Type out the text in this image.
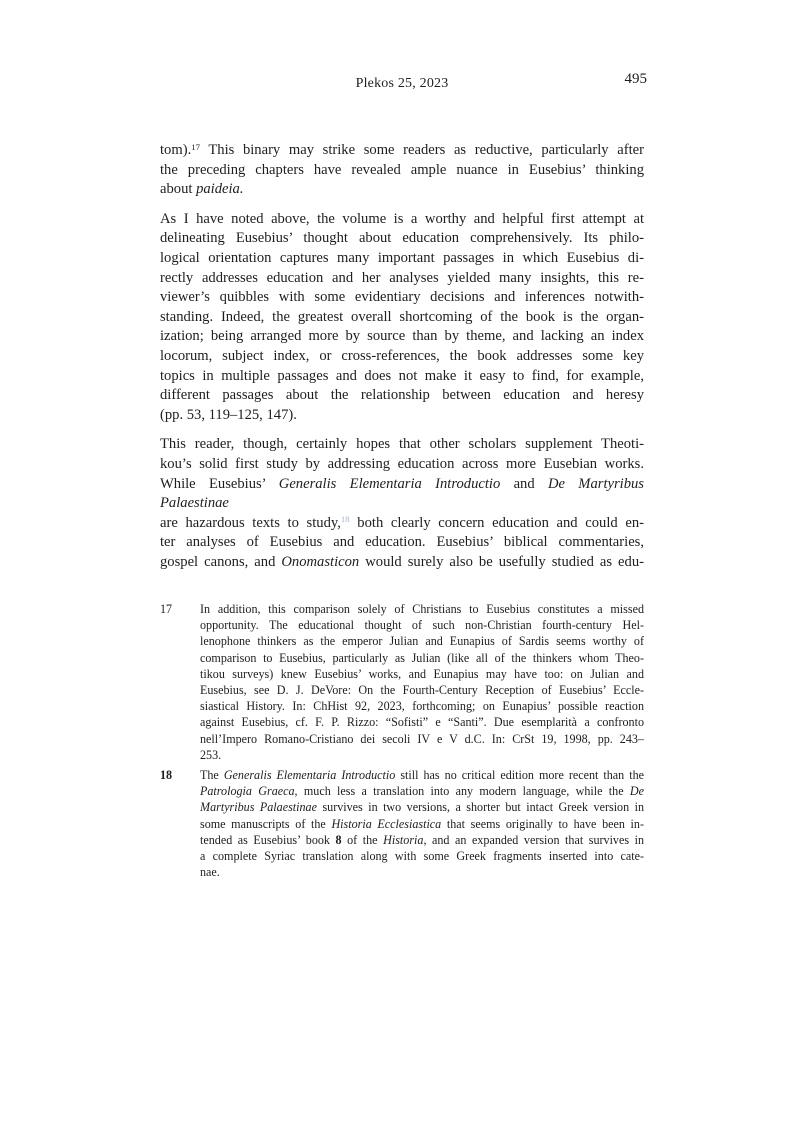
Plekos 25, 2023	495
tom).$^{17}$ This binary may strike some readers as reductive, particularly after
the preceding chapters have revealed ample nuance in Eusebius’ thinking
about paideia.
As I have noted above, the volume is a worthy and helpful first attempt at
delineating Eusebius’ thought about education comprehensively. Its philo-
logical orientation captures many important passages in which Eusebius di-
rectly addresses education and her analyses yielded many insights, this re-
viewer’s quibbles with some evidentiary decisions and inferences notwith-
standing. Indeed, the greatest overall shortcoming of the book is the organ-
ization; being arranged more by source than by theme, and lacking an index
locorum, subject index, or cross-references, the book addresses some key
topics in multiple passages and does not make it easy to find, for example,
different passages about the relationship between education and heresy
(pp. 53, 119–125, 147).
This reader, though, certainly hopes that other scholars supplement Theoti-
kou’s solid first study by addressing education across more Eusebian works.
While Eusebius’ Generalis Elementaria Introductio and De Martyribus Palaestinae
are hazardous texts to study,$^{18}$ both clearly concern education and could en-
ter analyses of Eusebius and education. Eusebius’ biblical commentaries,
gospel canons, and Onomasticon would surely also be usefully studied as edu-
17	In addition, this comparison solely of Christians to Eusebius constitutes a missed
opportunity. The educational thought of such non-Christian fourth-century Hel-
lenophone thinkers as the emperor Julian and Eunapius of Sardis seems worthy of
comparison to Eusebius, particularly as Julian (like all of the thinkers whom Theo-
tikou surveys) knew Eusebius’ works, and Eunapius may have too: on Julian and
Eusebius, see D. J. DeVore: On the Fourth-Century Reception of Eusebius’ Eccle-
siastical History. In: ChHist 92, 2023, forthcoming; on Eunapius’ possible reaction
against Eusebius, cf. F. P. Rizzo: “Sofisti” e “Santi”. Due esemplarità a confronto
nell’Impero Romano-Cristiano dei secoli IV e V d.C. In: CrSt 19, 1998, pp. 243–
253.
18	The Generalis Elementaria Introductio still has no critical edition more recent than the
Patrologia Graeca, much less a translation into any modern language, while the De
Martyribus Palaestinae survives in two versions, a shorter but intact Greek version in
some manuscripts of the Historia Ecclesiastica that seems originally to have been in-
tended as Eusebius’ book 8 of the Historia, and an expanded version that survives in
a complete Syriac translation along with some Greek fragments inserted into cate-
nae.
